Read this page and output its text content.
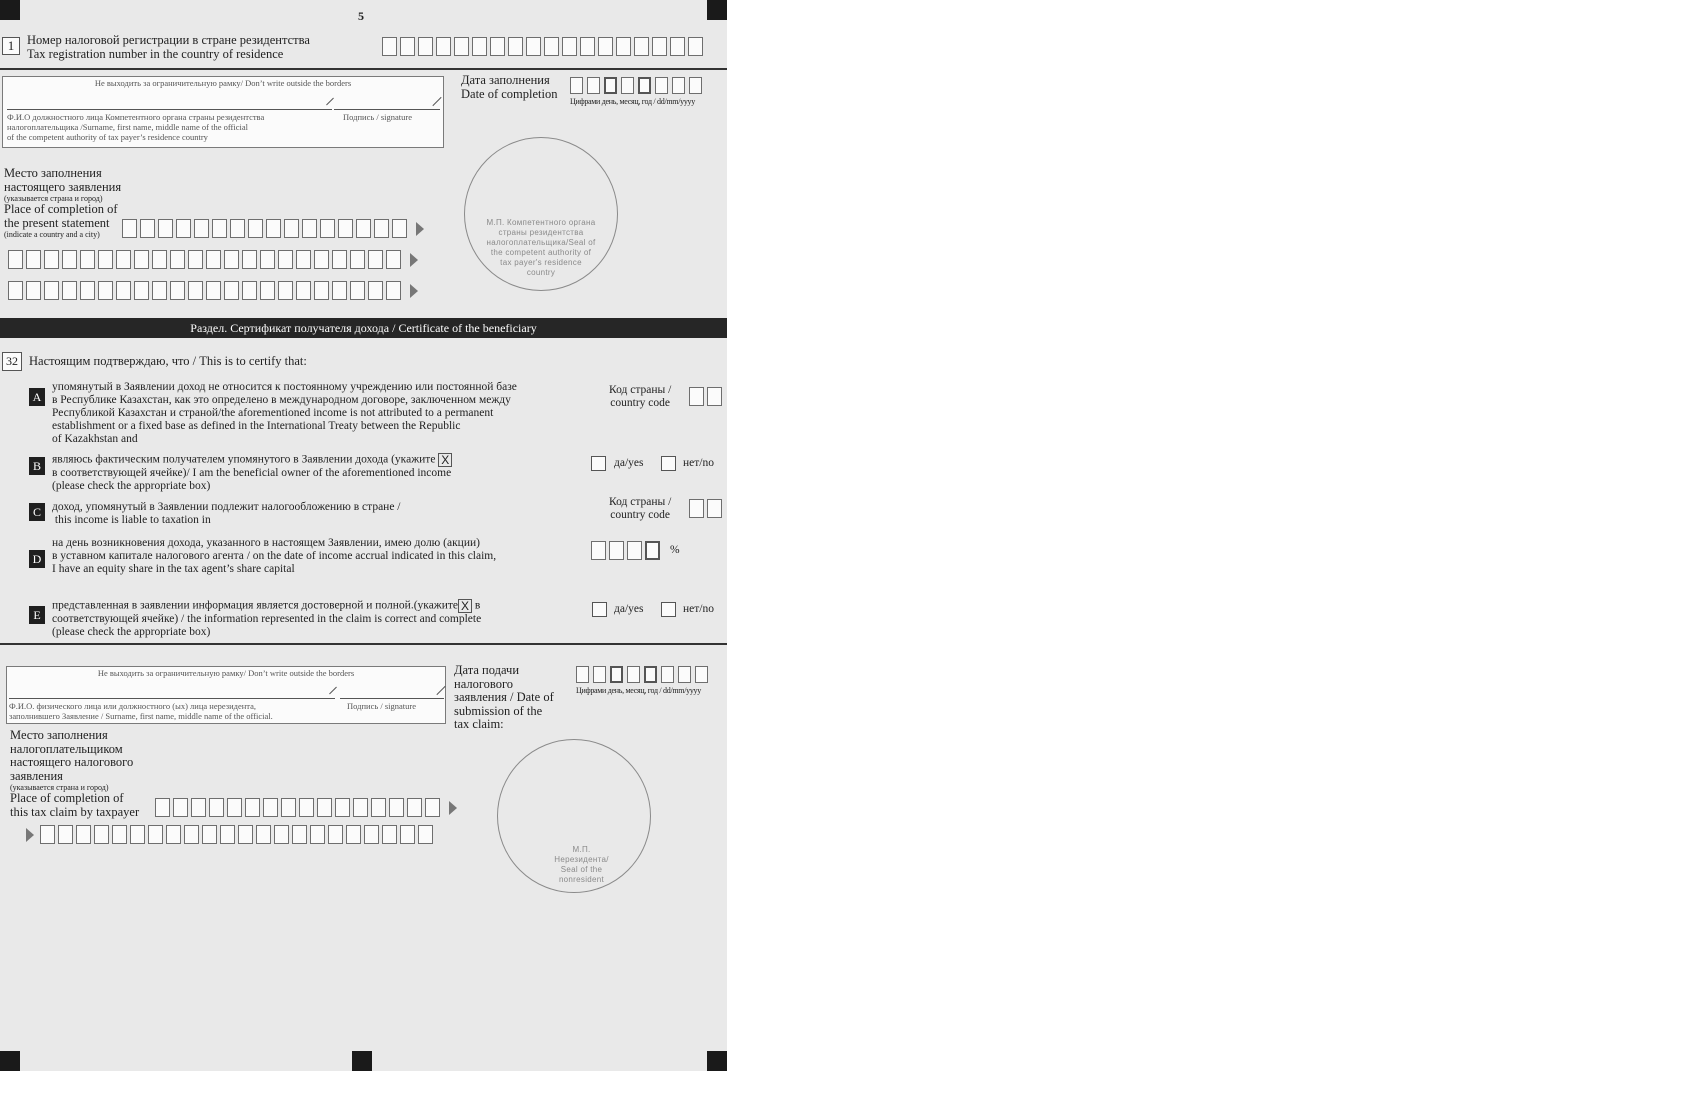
5
1	Номер налоговой регистрации в стране резидентства
Tax registration number in the country of residence
Не выходить за ограничительную рамку/ Don’t write outside the borders
Ф.И.О должностного лица Компетентного органа страны резидентства
налогоплательщика /Surname, first name, middle name of the official
of the competent authority of tax payer’s residence country
Подпись / signature
Дата заполнения
Date of completion
Цифрами день, месяц, год / dd/mm/yyyy
Место заполнения
настоящего заявления
(указывается страна и город)
Place of completion of
the present statement
(indicate a country and a city)
М.П. Компетентного органа страны резидентства налогоплательщика/Seal of the competent authority of tax payer's residence country
Раздел. Сертификат получателя дохода / Certificate of the beneficiary
32 Настоящим подтверждаю, что / This is to certify that:
A
упомянутый в Заявлении доход не относится к постоянному учреждению или постоянной базе
в Республике Казахстан, как это определено в международном договоре, заключенном между
Республикой Казахстан и страной/the aforementioned income is not attributed to a permanent
establishment or a fixed base as defined in the International Treaty between the Republic
of Kazakhstan and
Код страны /
country code
B являюсь фактическим получателем упомянутого в Заявлении дохода (укажите X
в соответствующей ячейке)/ I am the beneficial owner of the aforementioned income
(please check the appropriate box)
да/yes	нет/no
C доход, упомянутый в Заявлении подлежит налогообложению в стране /
this income is liable to taxation in
Код страны /
country code
D
на день возникновения дохода, указанного в настоящем Заявлении, имею долю (акции)
в уставном капитале налогового агента / on the date of income accrual indicated in this claim,
I have an equity share in the tax agent’s share capital
%
E
представленная в заявлении информация является достоверной и полной.(укажите X в
соответствующей ячейке) / the information represented in the claim is correct and complete
(please check the appropriate box)
да/yes	нет/no
Не выходить за ограничительную рамку/ Don’t write outside the borders
Ф.И.О. физического лица или должностного (ых) лица нерезидента,
заполнившего Заявление / Surname, first name, middle name of the official.
Подпись / signature
Дата подачи
налогового
заявления / Date of
submission of the
tax claim:
Цифрами день, месяц, год / dd/mm/yyyy
Место заполнения
налогоплательщиком
настоящего налогового
заявления
(указывается страна и город)
Place of completion of
this tax claim by taxpayer
М.П. Нерезидента/ Seal of the nonresident
